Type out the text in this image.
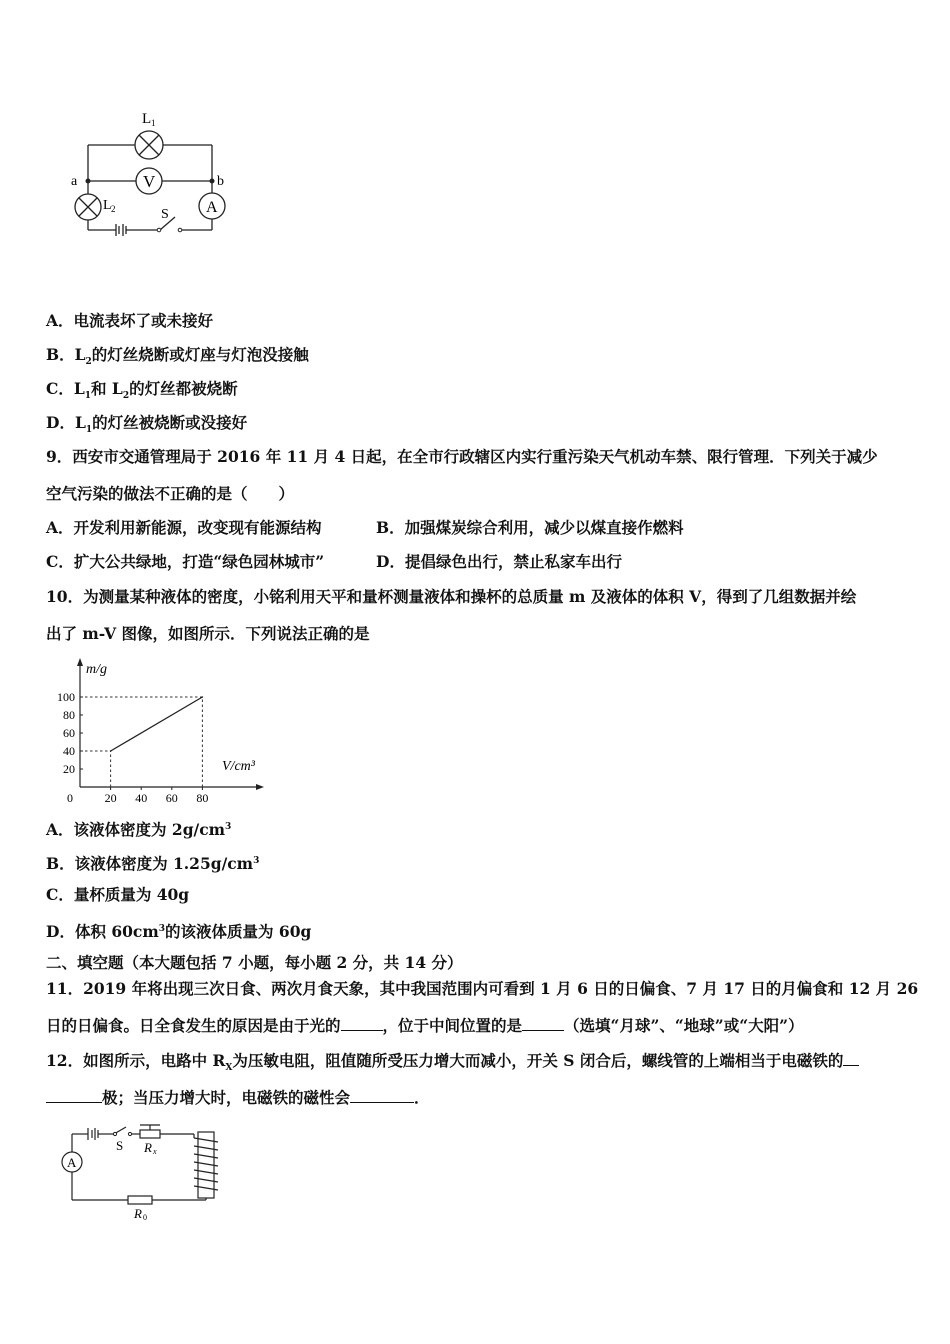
V
A
L 1
L 2
a	b
S
A．电流表坏了或未接好
B．$L_2$的灯丝烧断或灯座与灯泡没接触
C．$L_1$和 $L_2$的灯丝都被烧断
D．$L_1$的灯丝被烧断或没接好
9．西安市交通管理局于 2016 年 11 月 4 日起，在全市行政辖区内实行重污染天气机动车禁、限行管理．下列关于减少
空气污染的做法不正确的是（　　）
A．开发利用新能源，改变现有能源结构	B．加强煤炭综合利用，减少以煤直接作燃料
C．扩大公共绿地，打造“绿色园林城市”	D．提倡绿色出行，禁止私家车出行
10．为测量某种液体的密度，小铭利用天平和量杯测量液体和操杯的总质量 m 及液体的体积 V，得到了几组数据并绘
出了 m-V 图像，如图所示．下列说法正确的是
m/g
V/cm³
0	20 40 60 80
20
40
60
80
100
A．该液体密度为 $2g/cm^3$
B．该液体密度为 $1.25g/cm^3$
C．量杯质量为 40g
D．体积 $60cm^3$的该液体质量为 60g
二、填空题（本大题包括 7 小题，每小题 2 分，共 14 分）
11．2019 年将出现三次日食、两次月食天象，其中我国范围内可看到 1 月 6 日的日偏食、7 月 17 日的月偏食和 12 月 26
日的日偏食。日全食发生的原因是由于光的	，位于中间位置的是	（选填“月球”、“地球”或“大阳”）
12．如图所示，电路中 $R_X$为压敏电阻，阻值随所受压力增大而减小，开关 S 闭合后，螺线管的上端相当于电磁铁的
极；当压力增大时，电磁铁的磁性会	．
A
S R x
R 0
